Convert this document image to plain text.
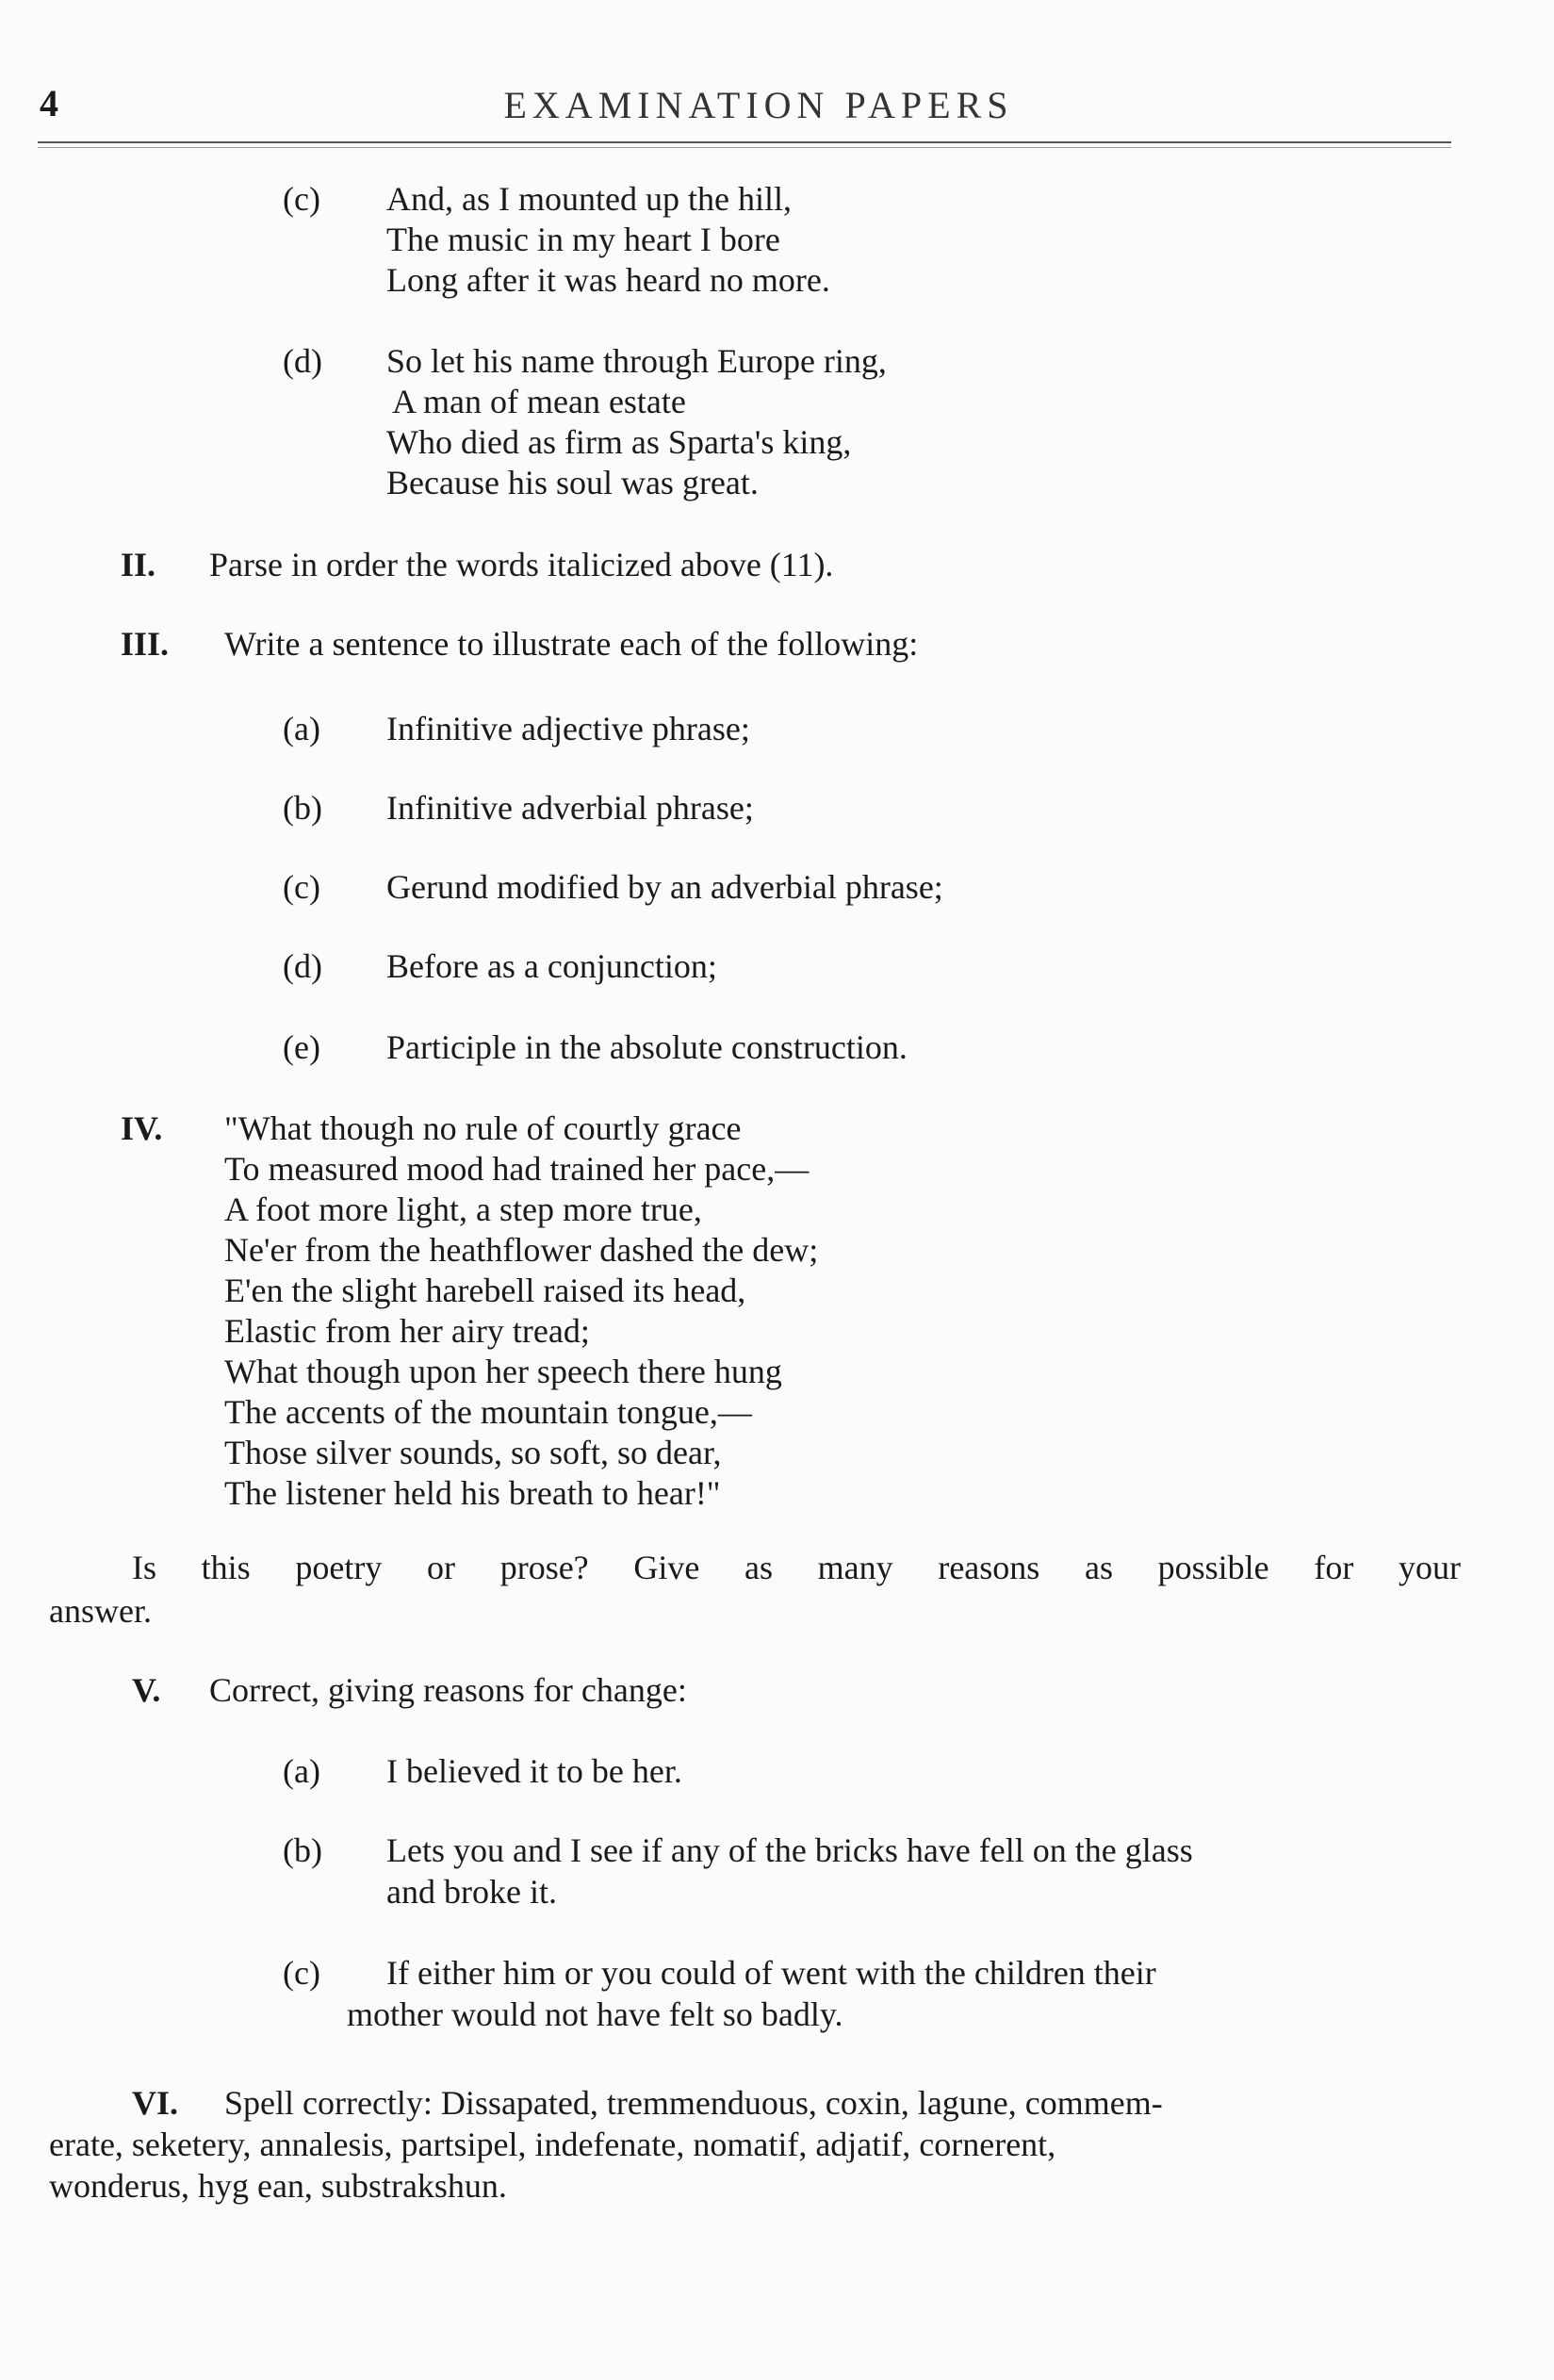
4	EXAMINATION PAPERS
(c) And, as I mounted up the hill,
The music in my heart I bore
Long after it was heard no more.
(d) So let his name through Europe ring,
A man of mean estate
Who died as firm as Sparta's king,
Because his soul was great.
II. Parse in order the words italicized above (11).
III. Write a sentence to illustrate each of the following:
(a) Infinitive adjective phrase;
(b) Infinitive adverbial phrase;
(c) Gerund modified by an adverbial phrase;
(d) Before as a conjunction;
(e) Participle in the absolute construction.
IV. "What though no rule of courtly grace
To measured mood had trained her pace,—
A foot more light, a step more true,
Ne'er from the heathflower dashed the dew;
E'en the slight harebell raised its head,
Elastic from her airy tread;
What though upon her speech there hung
The accents of the mountain tongue,—
Those silver sounds, so soft, so dear,
The listener held his breath to hear!"
Is this poetry or prose? Give as many reasons as possible for your
answer.
V. Correct, giving reasons for change:
(a) I believed it to be her.
(b) Lets you and I see if any of the bricks have fell on the glass
and broke it.
(c) If either him or you could of went with the children their
mother would not have felt so badly.
VI. Spell correctly: Dissapated, tremmenduous, coxin, lagune, commem-
erate, seketery, annalesis, partsipel, indefenate, nomatif, adjatif, cornerent,
wonderus, hyg ean, substrakshun.
